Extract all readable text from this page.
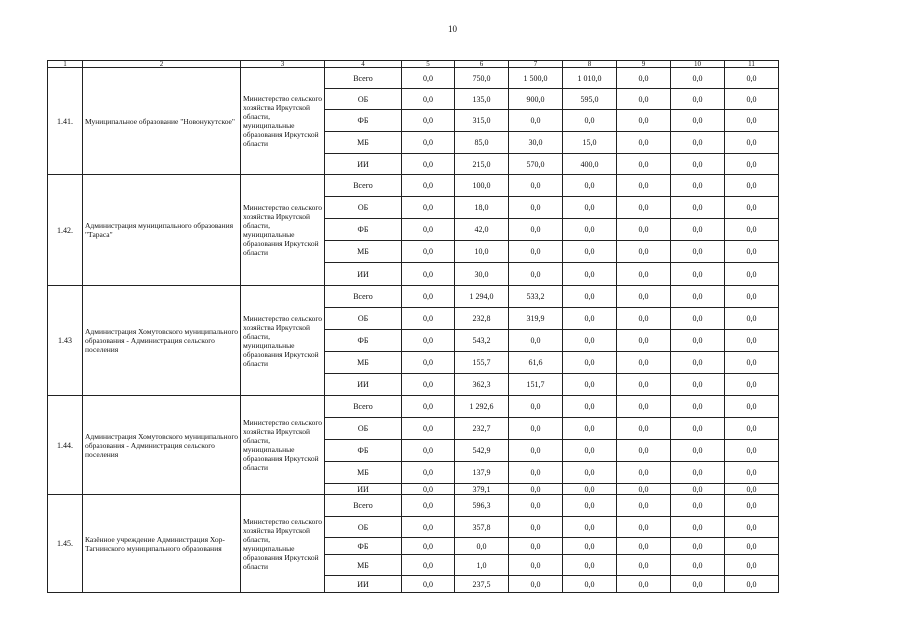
10
1	2	3	4	5	6	7	8	9	10	11
1.41.	Муниципальное образование "Новонукутское"	Министерство сельского хозяйства Иркутской области, муниципальные образования Иркутской области	Всего	0,0	750,0	1 500,0	1 010,0	0,0	0,0	0,0
			ОБ	0,0	135,0	900,0	595,0	0,0	0,0	0,0
			ФБ	0,0	315,0	0,0	0,0	0,0	0,0	0,0
			МБ	0,0	85,0	30,0	15,0	0,0	0,0	0,0
			ИИ	0,0	215,0	570,0	400,0	0,0	0,0	0,0
1.42.	Администрация муниципального образования "Тараса"	Министерство сельского хозяйства Иркутской области, муниципальные образования Иркутской области	Всего	0,0	100,0	0,0	0,0	0,0	0,0	0,0
			ОБ	0,0	18,0	0,0	0,0	0,0	0,0	0,0
			ФБ	0,0	42,0	0,0	0,0	0,0	0,0	0,0
			МБ	0,0	10,0	0,0	0,0	0,0	0,0	0,0
			ИИ	0,0	30,0	0,0	0,0	0,0	0,0	0,0
1.43	Администрация Хомутовского муниципального образования - Администрация сельского поселения	Министерство сельского хозяйства Иркутской области, муниципальные образования Иркутской области	Всего	0,0	1 294,0	533,2	0,0	0,0	0,0	0,0
			ОБ	0,0	232,8	319,9	0,0	0,0	0,0	0,0
			ФБ	0,0	543,2	0,0	0,0	0,0	0,0	0,0
			МБ	0,0	155,7	61,6	0,0	0,0	0,0	0,0
			ИИ	0,0	362,3	151,7	0,0	0,0	0,0	0,0
1.44.	Администрация Хомутовского муниципального образования - Администрация сельского поселения	Министерство сельского хозяйства Иркутской области, муниципальные образования Иркутской области	Всего	0,0	1 292,6	0,0	0,0	0,0	0,0	0,0
			ОБ	0,0	232,7	0,0	0,0	0,0	0,0	0,0
			ФБ	0,0	542,9	0,0	0,0	0,0	0,0	0,0
			МБ	0,0	137,9	0,0	0,0	0,0	0,0	0,0
			ИИ	0,0	379,1	0,0	0,0	0,0	0,0	0,0
1.45.	Казённое учреждение Администрация Хор-Тагнинского муниципального образования	Министерство сельского хозяйства Иркутской области, муниципальные образования Иркутской области	Всего	0,0	596,3	0,0	0,0	0,0	0,0	0,0
			ОБ	0,0	357,8	0,0	0,0	0,0	0,0	0,0
			ФБ	0,0	0,0	0,0	0,0	0,0	0,0	0,0
			МБ	0,0	1,0	0,0	0,0	0,0	0,0	0,0
			ИИ	0,0	237,5	0,0	0,0	0,0	0,0	0,0
